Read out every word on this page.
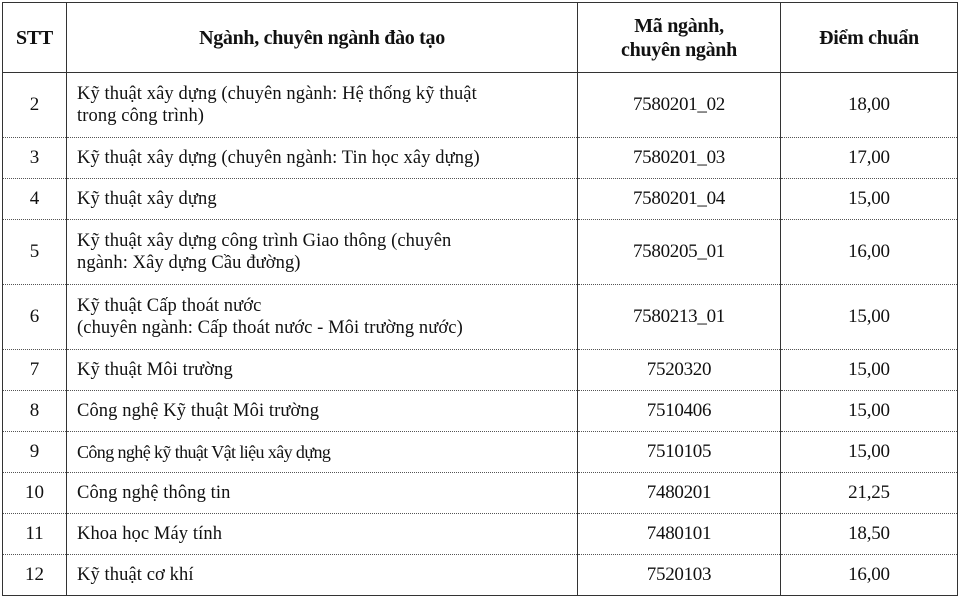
STT	Ngành, chuyên ngành đào tạo	Mã ngành,
chuyên ngành	Điểm chuẩn
2	Kỹ thuật xây dựng (chuyên ngành: Hệ thống kỹ thuật
trong công trình)	7580201_02	18,00
3	Kỹ thuật xây dựng (chuyên ngành: Tin học xây dựng)	7580201_03	17,00
4	Kỹ thuật xây dựng	7580201_04	15,00
5	Kỹ thuật xây dựng công trình Giao thông (chuyên
ngành: Xây dựng Cầu đường)	7580205_01	16,00
6	Kỹ thuật Cấp thoát nước
(chuyên ngành: Cấp thoát nước - Môi trường nước)	7580213_01	15,00
7	Kỹ thuật Môi trường	7520320	15,00
8	Công nghệ Kỹ thuật Môi trường	7510406	15,00
9	Công nghệ kỹ thuật Vật liệu xây dựng	7510105	15,00
10	Công nghệ thông tin	7480201	21,25
11	Khoa học Máy tính	7480101	18,50
12	Kỹ thuật cơ khí	7520103	16,00
